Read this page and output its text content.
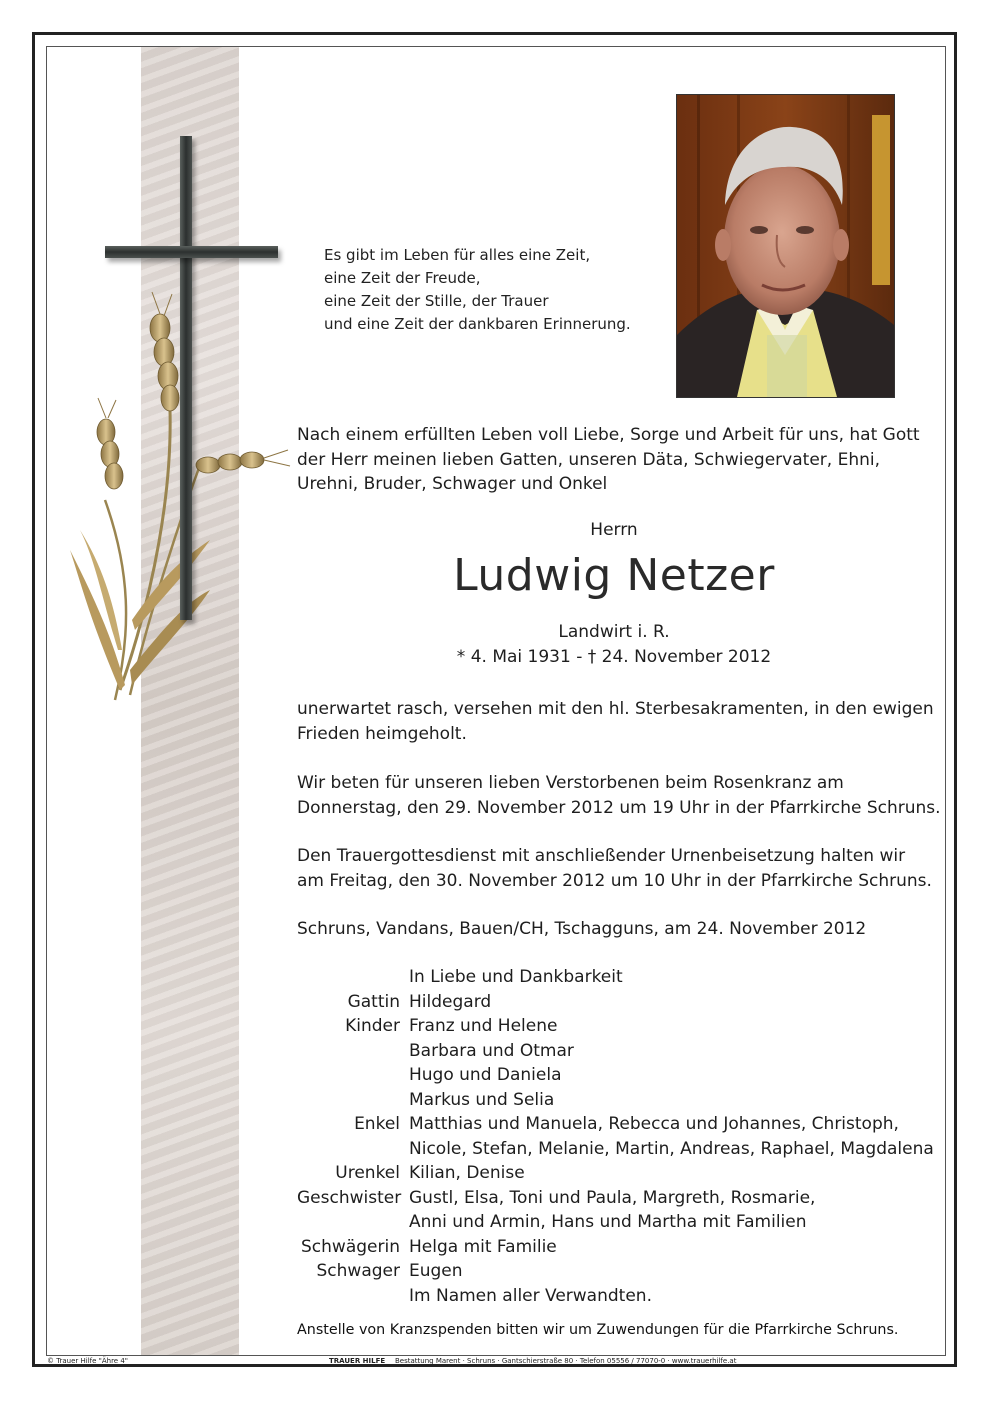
Es gibt im Leben für alles eine Zeit,
eine Zeit der Freude,
eine Zeit der Stille, der Trauer
und eine Zeit der dankbaren Erinnerung.
Nach einem erfüllten Leben voll Liebe, Sorge und Arbeit für uns, hat Gott
der Herr meinen lieben Gatten, unseren Däta, Schwiegervater, Ehni,
Urehni, Bruder, Schwager und Onkel
Herrn
Ludwig Netzer
Landwirt i. R.
* 4. Mai 1931 - † 24. November 2012
unerwartet rasch, versehen mit den hl. Sterbesakramenten, in den ewigen
Frieden heimgeholt.
Wir beten für unseren lieben Verstorbenen beim Rosenkranz am
Donnerstag, den 29. November 2012 um 19 Uhr in der Pfarrkirche Schruns.
Den Trauergottesdienst mit anschließender Urnenbeisetzung halten wir
am Freitag, den 30. November 2012 um 10 Uhr in der Pfarrkirche Schruns.
Schruns, Vandans, Bauen/CH, Tschagguns, am 24. November 2012
In Liebe und Dankbarkeit
Gattin Hildegard
Kinder Franz und Helene
Barbara und Otmar
Hugo und Daniela
Markus und Selia
Enkel Matthias und Manuela, Rebecca und Johannes, Christoph,
Nicole, Stefan, Melanie, Martin, Andreas, Raphael, Magdalena
Urenkel Kilian, Denise
Geschwister Gustl, Elsa, Toni und Paula, Margreth, Rosmarie,
Anni und Armin, Hans und Martha mit Familien
Schwägerin Helga mit Familie
Schwager Eugen
Im Namen aller Verwandten.
Anstelle von Kranzspenden bitten wir um Zuwendungen für die Pfarrkirche Schruns.
© Trauer Hilfe "Ähre 4"	TRAUER HILFE Bestattung Marent · Schruns · Gantschierstraße 80 · Telefon 05556 / 77070-0 · www.trauerhilfe.at
